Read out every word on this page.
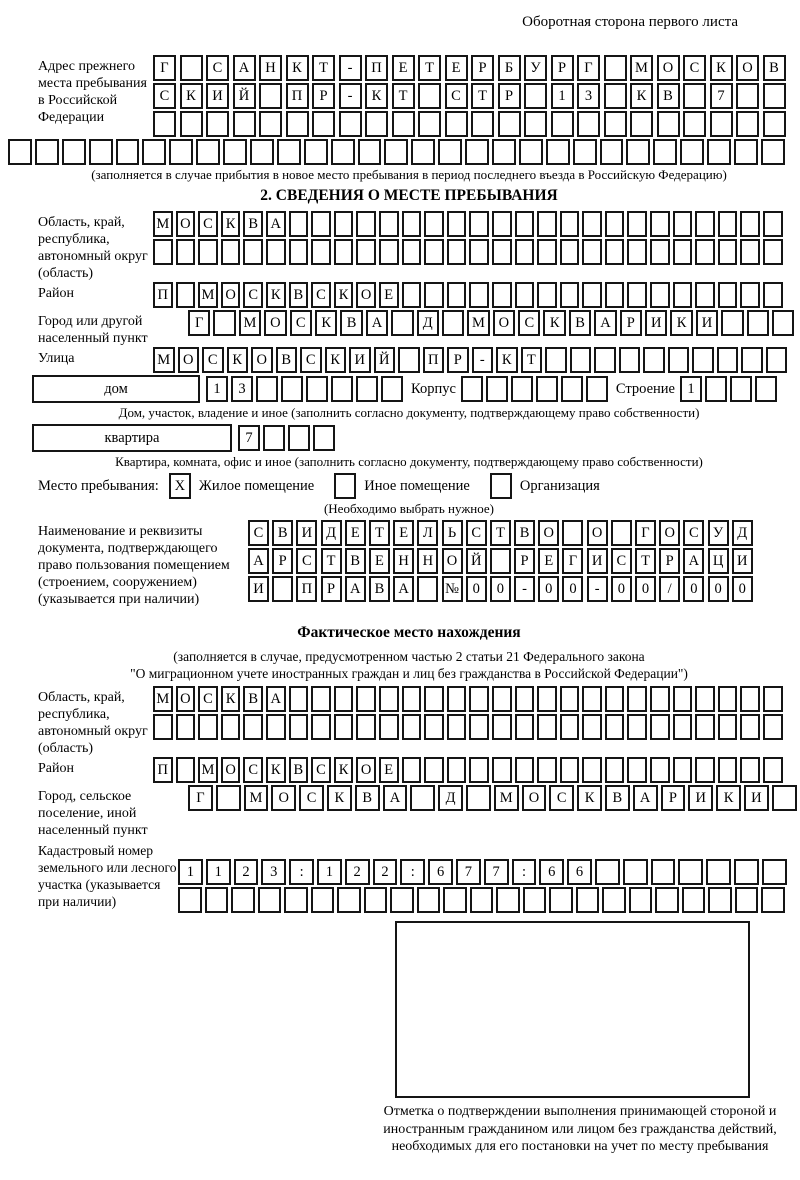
Оборотная сторона первого листа
Адрес прежнего места пребывания в Российской Федерации
Г	С	А	Н	К	Т	-	П	Е	Т	Е	Р	Б	У	Р	Г	М	О	С	К	О	В
С	К	И	Й	П	Р	-	К	Т	С	Т	Р	1	3	К	В	7
(заполняется в случае прибытия в новое место пребывания в период последнего въезда в Российскую Федерацию)
2. СВЕДЕНИЯ О МЕСТЕ ПРЕБЫВАНИЯ
Область, край, республика, автономный округ (область)
М О С К В А
Район	П	М О С К В С К О Е
Город или другой населенный пункт
Г	М О	С	К	В	А	Д	М О	С	К	В	А	Р	И	К	И
Улица	М О С	К О В	С	К И Й	П	Р	-	К	Т
дом	1	3	Корпус	Строение 1
Дом, участок, владение и иное (заполнить согласно документу, подтверждающему право собственности)
квартира	7
Квартира, комната, офис и иное (заполнить согласно документу, подтверждающему право собственности)
Место пребывания:	X Жилое помещение	Иное помещение	Организация
(Необходимо выбрать нужное)
Наименование и реквизиты документа, подтверждающего право пользования помещением (строением, сооружением) (указывается при наличии)
С	В И Д	Е	Т	Е	Л	Ь	С	Т	В О	О	Г	О С У Д
А	Р	С	Т	В	Е	Н Н О Й	Р	Е	Г	И С	Т	Р	А Ц И
И	П	Р	А В А	№ 0	0	-	0	0	-	0	0	/	0	0	0
Фактическое место нахождения
(заполняется в случае, предусмотренном частью 2 статьи 21 Федерального закона
"О миграционном учете иностранных граждан и лиц без гражданства в Российской Федерации")
Область, край, республика, автономный округ (область)
М О С К В А
Район	П	М О С К В С К О Е
Город, сельское поселение, иной населенный пункт
Г	М	О	С	К	В	А	Д	М	О	С	К	В	А	Р	И	К	И
Кадастровый номер земельного или лесного участка (указывается при наличии)
1	1	2	3	:	1	2	2	:	6	7	7	:	6	6
Отметка о подтверждении выполнения принимающей стороной и иностранным гражданином или лицом без гражданства действий, необходимых для его постановки на учет по месту пребывания
